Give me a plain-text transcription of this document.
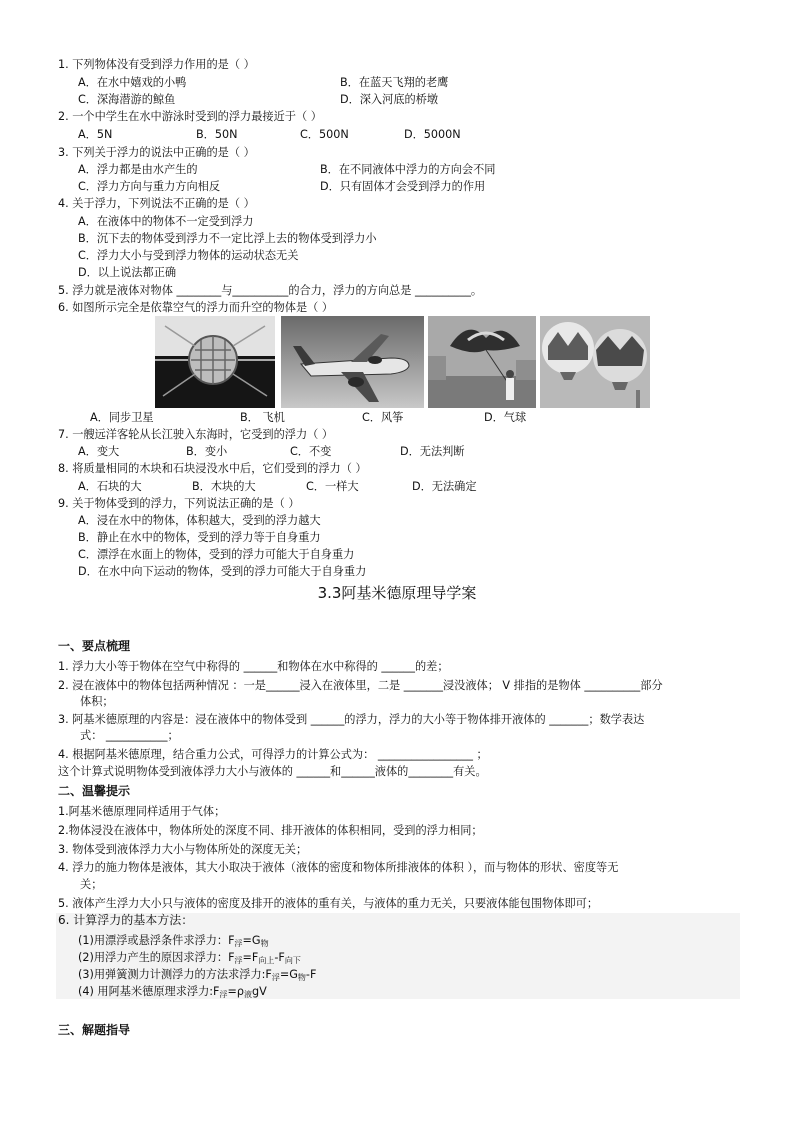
1. 下列物体没有受到浮力作用的是（ ）
A．在水中嬉戏的小鸭	B．在蓝天飞翔的老鹰
C．深海潜游的鲸鱼	D．深入河底的桥墩
2. 一个中学生在水中游泳时受到的浮力最接近于（ ）
A．5N	B．50N	C．500N	D．5000N
3. 下列关于浮力的说法中正确的是（ ）
A．浮力都是由水产生的	B．在不同液体中浮力的方向会不同
C．浮力方向与重力方向相反	D．只有固体才会受到浮力的作用
4. 关于浮力，下列说法不正确的是（ ）
A．在液体中的物体不一定受到浮力
B．沉下去的物体受到浮力不一定比浮上去的物体受到浮力小
C．浮力大小与受到浮力物体的运动状态无关
D．以上说法都正确
5. 浮力就是液体对物体 ________与__________的合力，浮力的方向总是 __________。
6. 如图所示完全是依靠空气的浮力而升空的物体是（ ）
A．同步卫星	B． 飞机	C．风筝	D．气球
7. 一艘远洋客轮从长江驶入东海时，它受到的浮力（ ）
A．变大	B．变小	C．不变	D．无法判断
8. 将质量相同的木块和石块浸没水中后，它们受到的浮力（ ）
A．石块的大	B．木块的大	C．一样大	D．无法确定
9. 关于物体受到的浮力，下列说法正确的是（ ）
A．浸在水中的物体，体积越大，受到的浮力越大
B．静止在水中的物体，受到的浮力等于自身重力
C．漂浮在水面上的物体，受到的浮力可能大于自身重力
D．在水中向下运动的物体，受到的浮力可能大于自身重力
3.3阿基米德原理导学案
一、要点梳理
1. 浮力大小等于物体在空气中称得的 ______和物体在水中称得的 ______的差；
2. 浸在液体中的物体包括两种情况 ：一是______浸入在液体里，二是 _______浸没液体； V 排指的是物体 __________部分
体积；
3. 阿基米德原理的内容是：浸在液体中的物体受到 ______的浮力，浮力的大小等于物体排开液体的 _______；数学表达
式： ___________；
4. 根据阿基米德原理，结合重力公式，可得浮力的计算公式为： _________________ ；
这个计算式说明物体受到液体浮力大小与液体的 ______和______液体的________有关。
二、温馨提示
1.阿基米德原理同样适用于气体；
2.物体浸没在液体中，物体所处的深度不同、排开液体的体积相同，受到的浮力相同；
3. 物体受到液体浮力大小与物体所处的深度无关；
4. 浮力的施力物体是液体，其大小取决于液体（液体的密度和物体所排液体的体积 ），而与物体的形状、密度等无
关；
5. 液体产生浮力大小只与液体的密度及排开的液体的重有关，与液体的重力无关，只要液体能包围物体即可；
6. 计算浮力的基本方法：
(1)用漂浮或悬浮条件求浮力：$F_浮=G_物$
(2)用浮力产生的原因求浮力：$F_浮=F_{向上}-F_{向下}$
(3)用弹簧测力计测浮力的方法求浮力$:F_浮=G_物-F$
(4) 用阿基米德原理求浮力$:F_浮=\rho_液gV$
三、解题指导
